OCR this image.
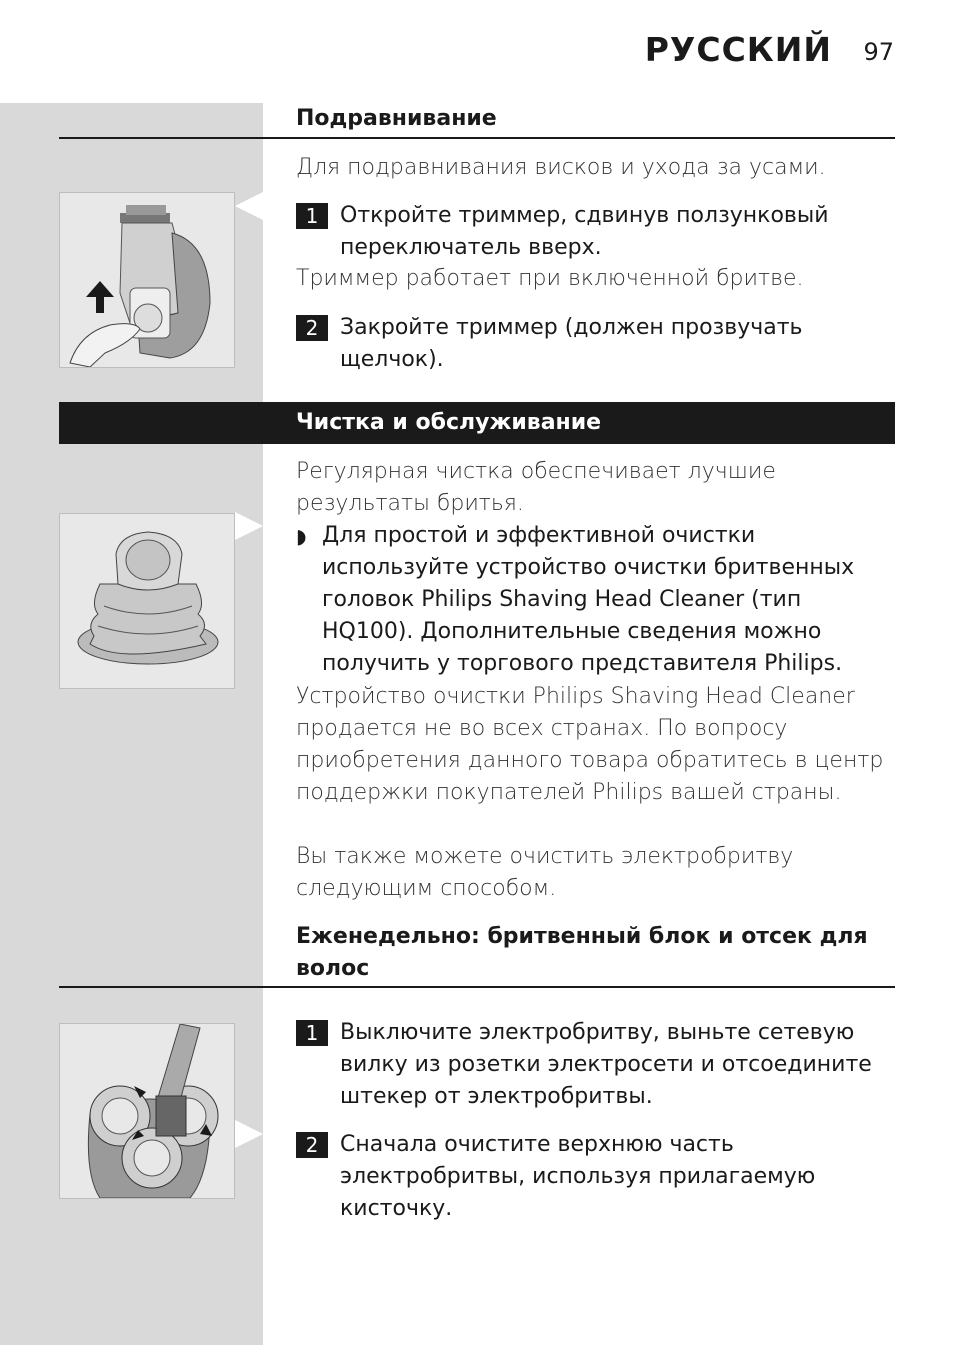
РУССКИЙ 97
Подравнивание
Для подравнивания висков и ухода за усами.
1 Откройте триммер, сдвинув ползунковый переключатель вверх.
Триммер работает при включенной бритве.
2 Закройте триммер (должен прозвучать щелчок).
Чистка и обслуживание
Регулярная чистка обеспечивает лучшие результаты бритья.
◗ Для простой и эффективной очистки используйте устройство очистки бритвенных головок Philips Shaving Head Cleaner (тип HQ100). Дополнительные сведения можно получить у торгового представителя Philips.
Устройство очистки Philips Shaving Head Cleaner продается не во всех странах. По вопросу приобретения данного товара обратитесь в центр поддержки покупателей Philips вашей страны.
Вы также можете очистить электробритву следующим способом.
Еженедельно: бритвенный блок и отсек для волос
1 Выключите электробритву, выньте сетевую вилку из розетки электросети и отсоедините штекер от электробритвы.
2 Сначала очистите верхнюю часть электробритвы, используя прилагаемую кисточку.
